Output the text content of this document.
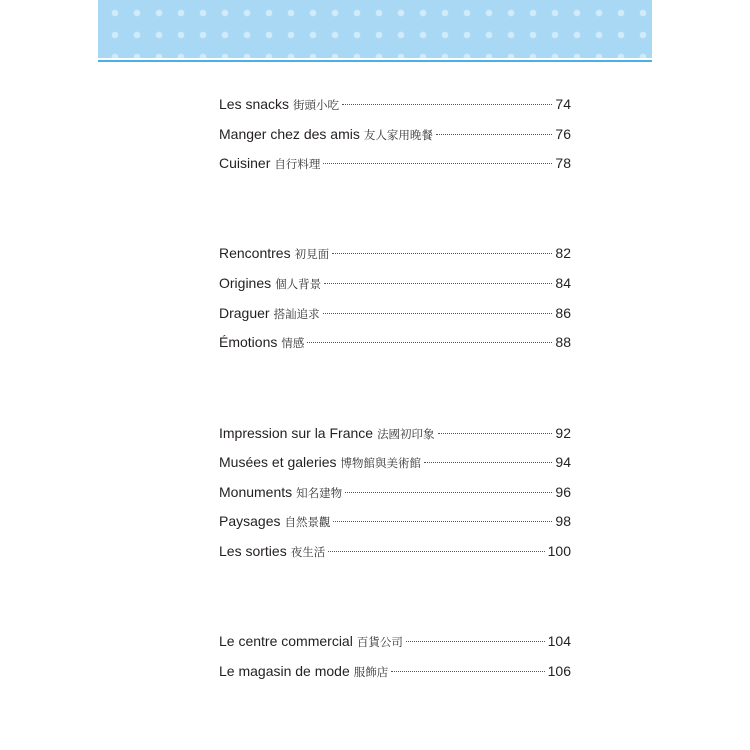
Les snacks 街頭小吃	74
Manger chez des amis 友人家用晚餐	76
Cuisiner 自行料理	78
Rencontres 初見面	82
Origines 個人背景	84
Draguer 搭訕追求	86
Émotions 情感	88
Impression sur la France 法國初印象	92
Musées et galeries 博物館與美術館	94
Monuments 知名建物	96
Paysages 自然景觀	98
Les sorties 夜生活	100
Le centre commercial 百貨公司	104
Le magasin de mode 服飾店	106
